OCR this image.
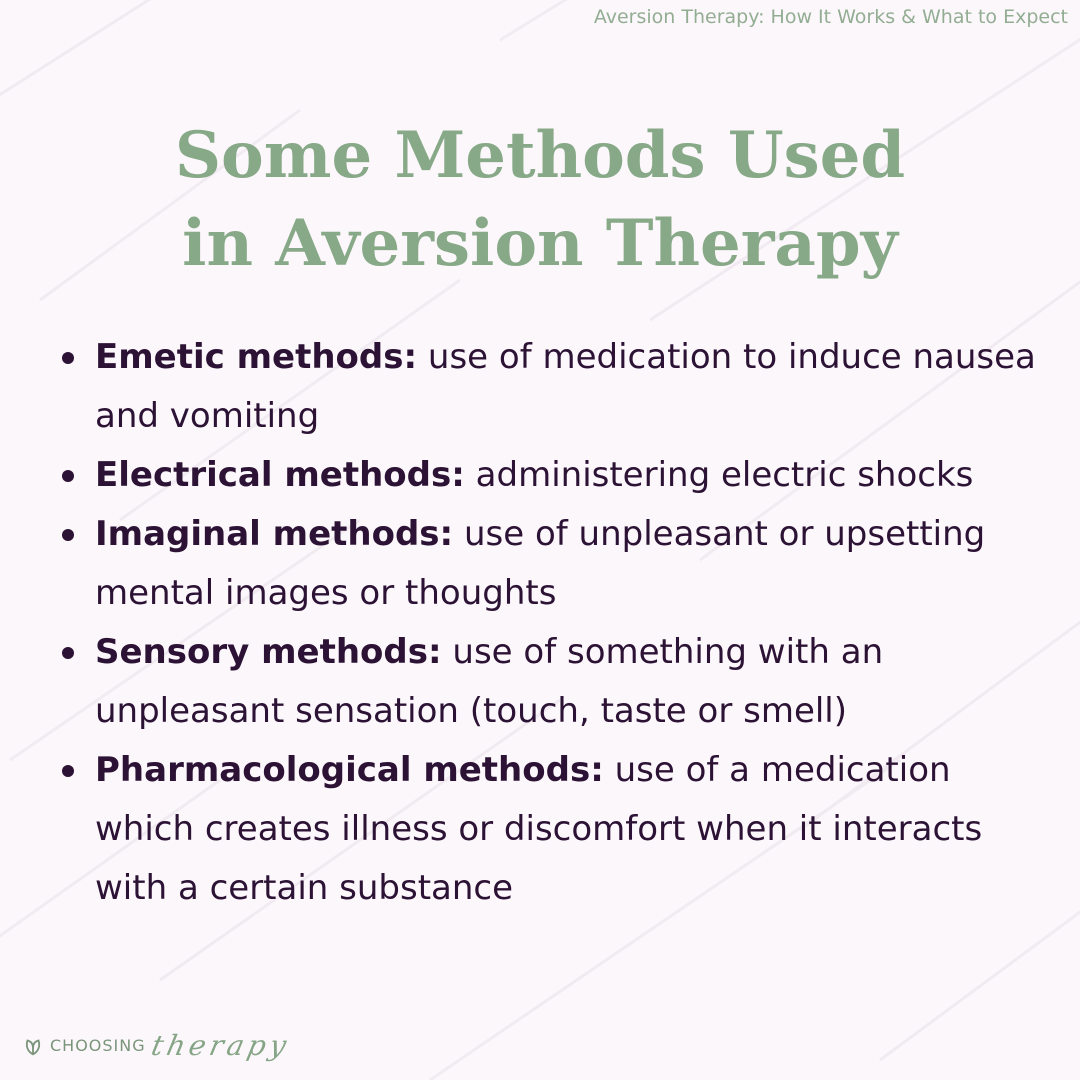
Aversion Therapy: How It Works & What to Expect
Some Methods Used
in Aversion Therapy
Emetic methods: use of medication to induce nausea and vomiting
Electrical methods: administering electric shocks
Imaginal methods: use of unpleasant or upsetting mental images or thoughts
Sensory methods: use of something with an unpleasant sensation (touch, taste or smell)
Pharmacological methods: use of a medication which creates illness or discomfort when it interacts with a certain substance
CHOOSING therapy
